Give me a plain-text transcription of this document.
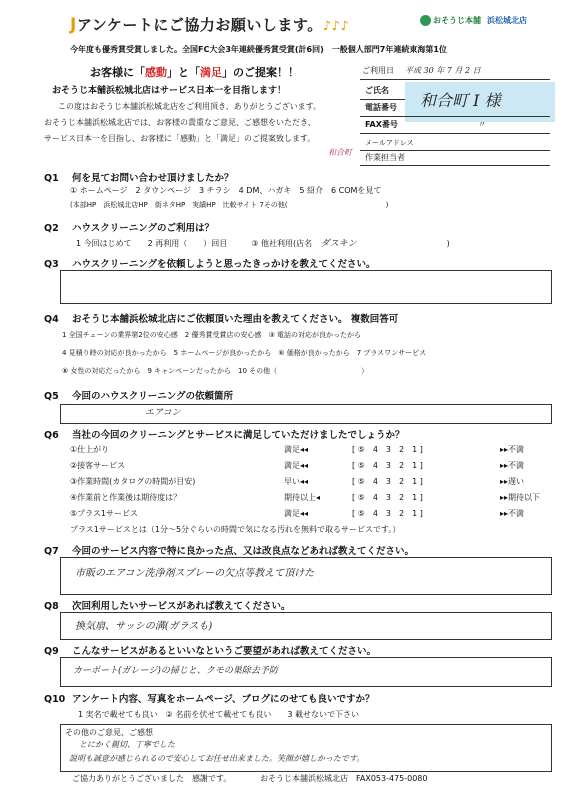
Jアンケートにご協力お願いします。♪♪♪	おそうじ本舗 浜松城北店
今年度も優秀賞受賞しました。全国FC大会3年連続優秀賞受賞(計6回)　一般個人部門7年連続東海第1位
お客様に「感動」と「満足」のご提案！！
おそうじ本舗浜松城北店はサービス日本一を目指します！
この度はおそうじ本舗浜松城北店をご利用頂き、ありがとうございます。
おそうじ本舗浜松城北店では、お客様の貴重なご意見、ご感想をいただき、
サービス日本一を目指し、お客様に「感動」と「満足」のご提案致します。
和合町
ご利用日 平成 30 年 7 月 2 日
ご氏名
和合町 I 様
電話番号
FAX番号	〃
メールアドレス
作業担当者
Q1 何を見てお問い合わせ頂けましたか？
① ホームページ　2 タウンページ　3 チラシ　4 DM、ハガキ　5 紹介　6 COMを見て
(本部HP　浜松城北店HP　街ネタHP　実績HP　比較サイト 7その他(　　　　　　　　　　　　　　)
Q2 ハウスクリーニングのご利用は？
1 今回はじめて　　2 再利用（　　）回目　　　③ 他社利用(店名 ダスキン	)
Q3 ハウスクリーニングを依頼しようと思ったきっかけを教えてください。
Q4 おそうじ本舗浜松城北店にご依頼頂いた理由を教えてください。 複数回答可
1 全国チェーンの業界第2位の安心感　2 優秀賞受賞店の安心感　③ 電話の対応が良かったから
4 見積り時の対応が良かったから　5 ホームページが良かったから　⑥ 価格が良かったから　7 プラスワンサービス
⑧ 女性の対応だったから　9 キャンペーンだったから　10 その他（　　　　　　　　　　　　）
Q5 今回のハウスクリーニングの依頼箇所
エアコン
Q6 当社の今回のクリーニングとサービスに満足していただけましたでしょうか？
①仕上がり	満足◂◂	[ ⑤　4　3　2　1 ]	▸▸不満
②接客サービス	満足◂◂	[ ⑤　4　3　2　1 ]	▸▸不満
③作業時間(カタログの時間が目安)	早い◂◂	[ ⑤　4　3　2　1 ]	▸▸遅い
④作業前と作業後は期待度は？	期待以上◂	[ ⑤　4　3　2　1 ]	▸▸期待以下
⑤プラス1サービス	満足◂◂	[ ⑤　4　3　2　1 ]	▸▸不満
プラス1サービスとは（1分～5分ぐらいの時間で気になる汚れを無料で取るサービスです。）
Q7 今回のサービス内容で特に良かった点、又は改良点などあれば教えてください。
市販のエアコン洗浄剤スプレーの欠点等教えて頂けた
Q8 次回利用したいサービスがあれば教えてください。
換気扇、サッシの溝(ガラスも)
Q9 こんなサービスがあるといいなというご要望があれば教えてください。
カーポート(ガレージ)の掃じと、クモの巣除去予防
Q10 アンケート内容、写真をホームページ、ブログにのせても良いですか？
1 実名で載せても良い　② 名前を伏せて載せても良い　　3 載せないで下さい
その他のご意見、ご感想
とにかく親切、丁寧でした
説明も誠意が感じられるので安心してお任せ出来ました。笑顔が嬉しかったです。
ご協力ありがとうございました　感謝です。	おそうじ本舗浜松城北店　FAX053-475-0080
